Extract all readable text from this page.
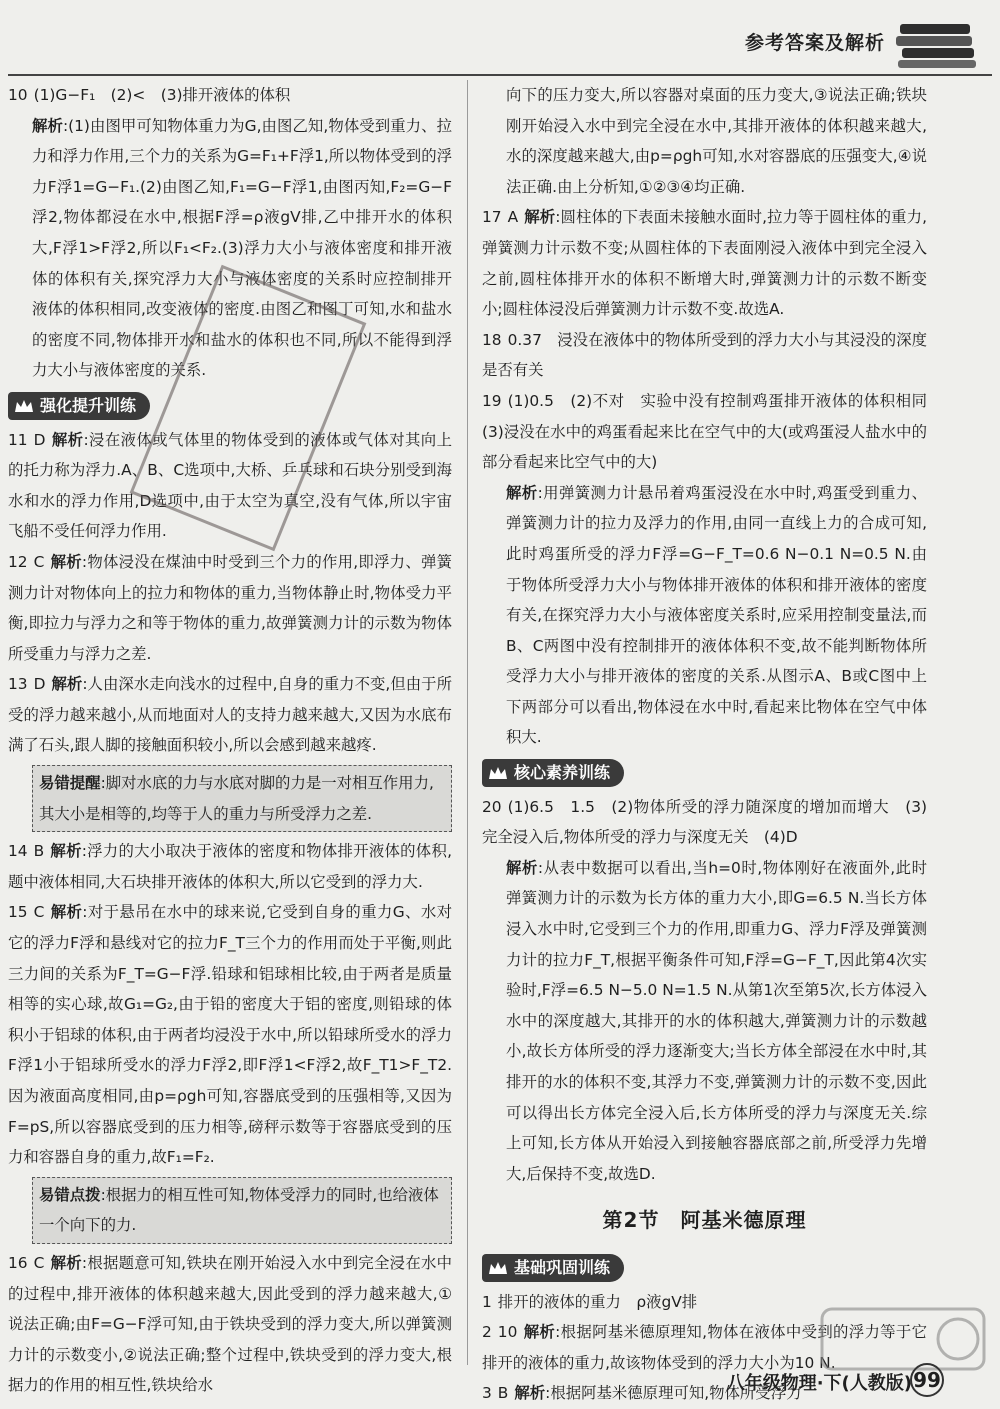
参考答案及解析
10 (1)G−F₁　(2)<　(3)排开液体的体积
解析:(1)由图甲可知物体重力为G,由图乙知,物体受到重力、拉力和浮力作用,三个力的关系为G=F₁+F浮1,所以物体受到的浮力F浮1=G−F₁.(2)由图乙知,F₁=G−F浮1,由图丙知,F₂=G−F浮2,物体都浸在水中,根据F浮=ρ液gV排,乙中排开水的体积大,F浮1>F浮2,所以F₁<F₂.(3)浮力大小与液体密度和排开液体的体积有关,探究浮力大小与液体密度的关系时应控制排开液体的体积相同,改变液体的密度.由图乙和图丁可知,水和盐水的密度不同,物体排开水和盐水的体积也不同,所以不能得到浮力大小与液体密度的关系.
强化提升训练
11 D 解析:浸在液体或气体里的物体受到的液体或气体对其向上的托力称为浮力.A、B、C选项中,大桥、乒乓球和石块分别受到海水和水的浮力作用,D选项中,由于太空为真空,没有气体,所以宇宙飞船不受任何浮力作用.
12 C 解析:物体浸没在煤油中时受到三个力的作用,即浮力、弹簧测力计对物体向上的拉力和物体的重力,当物体静止时,物体受力平衡,即拉力与浮力之和等于物体的重力,故弹簧测力计的示数为物体所受重力与浮力之差.
13 D 解析:人由深水走向浅水的过程中,自身的重力不变,但由于所受的浮力越来越小,从而地面对人的支持力越来越大,又因为水底布满了石头,跟人脚的接触面积较小,所以会感到越来越疼.
易错提醒:脚对水底的力与水底对脚的力是一对相互作用力,其大小是相等的,均等于人的重力与所受浮力之差.
14 B 解析:浮力的大小取决于液体的密度和物体排开液体的体积,题中液体相同,大石块排开液体的体积大,所以它受到的浮力大.
15 C 解析:对于悬吊在水中的球来说,它受到自身的重力G、水对它的浮力F浮和悬线对它的拉力F_T三个力的作用而处于平衡,则此三力间的关系为F_T=G−F浮.铅球和铝球相比较,由于两者是质量相等的实心球,故G₁=G₂,由于铅的密度大于铝的密度,则铅球的体积小于铝球的体积,由于两者均浸没于水中,所以铅球所受水的浮力F浮1小于铝球所受水的浮力F浮2,即F浮1<F浮2,故F_T1>F_T2.因为液面高度相同,由p=ρgh可知,容器底受到的压强相等,又因为F=pS,所以容器底受到的压力相等,磅秤示数等于容器底受到的压力和容器自身的重力,故F₁=F₂.
易错点拨:根据力的相互性可知,物体受浮力的同时,也给液体一个向下的力.
16 C 解析:根据题意可知,铁块在刚开始浸入水中到完全浸在水中的过程中,排开液体的体积越来越大,因此受到的浮力越来越大,①说法正确;由F=G−F浮可知,由于铁块受到的浮力变大,所以弹簧测力计的示数变小,②说法正确;整个过程中,铁块受到的浮力变大,根据力的作用的相互性,铁块给水
向下的压力变大,所以容器对桌面的压力变大,③说法正确;铁块刚开始浸入水中到完全浸在水中,其排开液体的体积越来越大,水的深度越来越大,由p=ρgh可知,水对容器底的压强变大,④说法正确.由上分析知,①②③④均正确.
17 A 解析:圆柱体的下表面未接触水面时,拉力等于圆柱体的重力,弹簧测力计示数不变;从圆柱体的下表面刚浸入液体中到完全浸入之前,圆柱体排开水的体积不断增大时,弹簧测力计的示数不断变小;圆柱体浸没后弹簧测力计示数不变.故选A.
18 0.37　浸没在液体中的物体所受到的浮力大小与其浸没的深度是否有关
19 (1)0.5　(2)不对　实验中没有控制鸡蛋排开液体的体积相同　(3)浸没在水中的鸡蛋看起来比在空气中的大(或鸡蛋浸人盐水中的部分看起来比空气中的大)
解析:用弹簧测力计悬吊着鸡蛋浸没在水中时,鸡蛋受到重力、弹簧测力计的拉力及浮力的作用,由同一直线上力的合成可知,此时鸡蛋所受的浮力F浮=G−F_T=0.6 N−0.1 N=0.5 N.由于物体所受浮力大小与物体排开液体的体积和排开液体的密度有关,在探究浮力大小与液体密度关系时,应采用控制变量法,而B、C两图中没有控制排开的液体体积不变,故不能判断物体所受浮力大小与排开液体的密度的关系.从图示A、B或C图中上下两部分可以看出,物体浸在水中时,看起来比物体在空气中体积大.
核心素养训练
20 (1)6.5　1.5　(2)物体所受的浮力随深度的增加而增大　(3)完全浸入后,物体所受的浮力与深度无关　(4)D
解析:从表中数据可以看出,当h=0时,物体刚好在液面外,此时弹簧测力计的示数为长方体的重力大小,即G=6.5 N.当长方体浸入水中时,它受到三个力的作用,即重力G、浮力F浮及弹簧测力计的拉力F_T,根据平衡条件可知,F浮=G−F_T,因此第4次实验时,F浮=6.5 N−5.0 N=1.5 N.从第1次至第5次,长方体浸入水中的深度越大,其排开的水的体积越大,弹簧测力计的示数越小,故长方体所受的浮力逐渐变大;当长方体全部浸在水中时,其排开的水的体积不变,其浮力不变,弹簧测力计的示数不变,因此可以得出长方体完全浸入后,长方体所受的浮力与深度无关.综上可知,长方体从开始浸入到接触容器底部之前,所受浮力先增大,后保持不变,故选D.
第2节　阿基米德原理
基础巩固训练
1 排开的液体的重力　ρ液gV排
2 10 解析:根据阿基米德原理知,物体在液体中受到的浮力等于它排开的液体的重力,故该物体受到的浮力大小为10 N.
3 B 解析:根据阿基米德原理可知,物体所受浮力
八年级物理·下(人教版) 99
